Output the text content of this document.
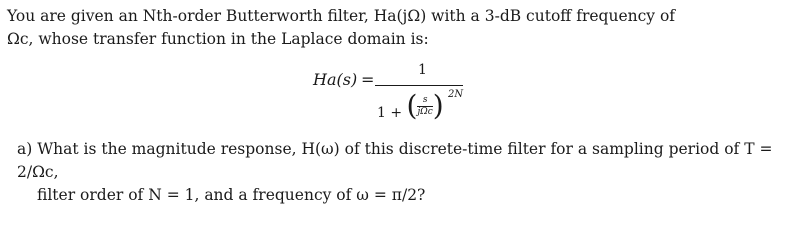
You are given an Nth-order Butterworth filter, Ha(jΩ) with a 3-dB cutoff frequency of
Ωc, whose transfer function in the Laplace domain is:
Ha(s) =	1
1 + ( s
jΩc ) 2N
a) What is the magnitude response, H(ω) of this discrete-time filter for a sampling period of T = 2/Ωc,
filter order of N = 1, and a frequency of ω = π/2?
